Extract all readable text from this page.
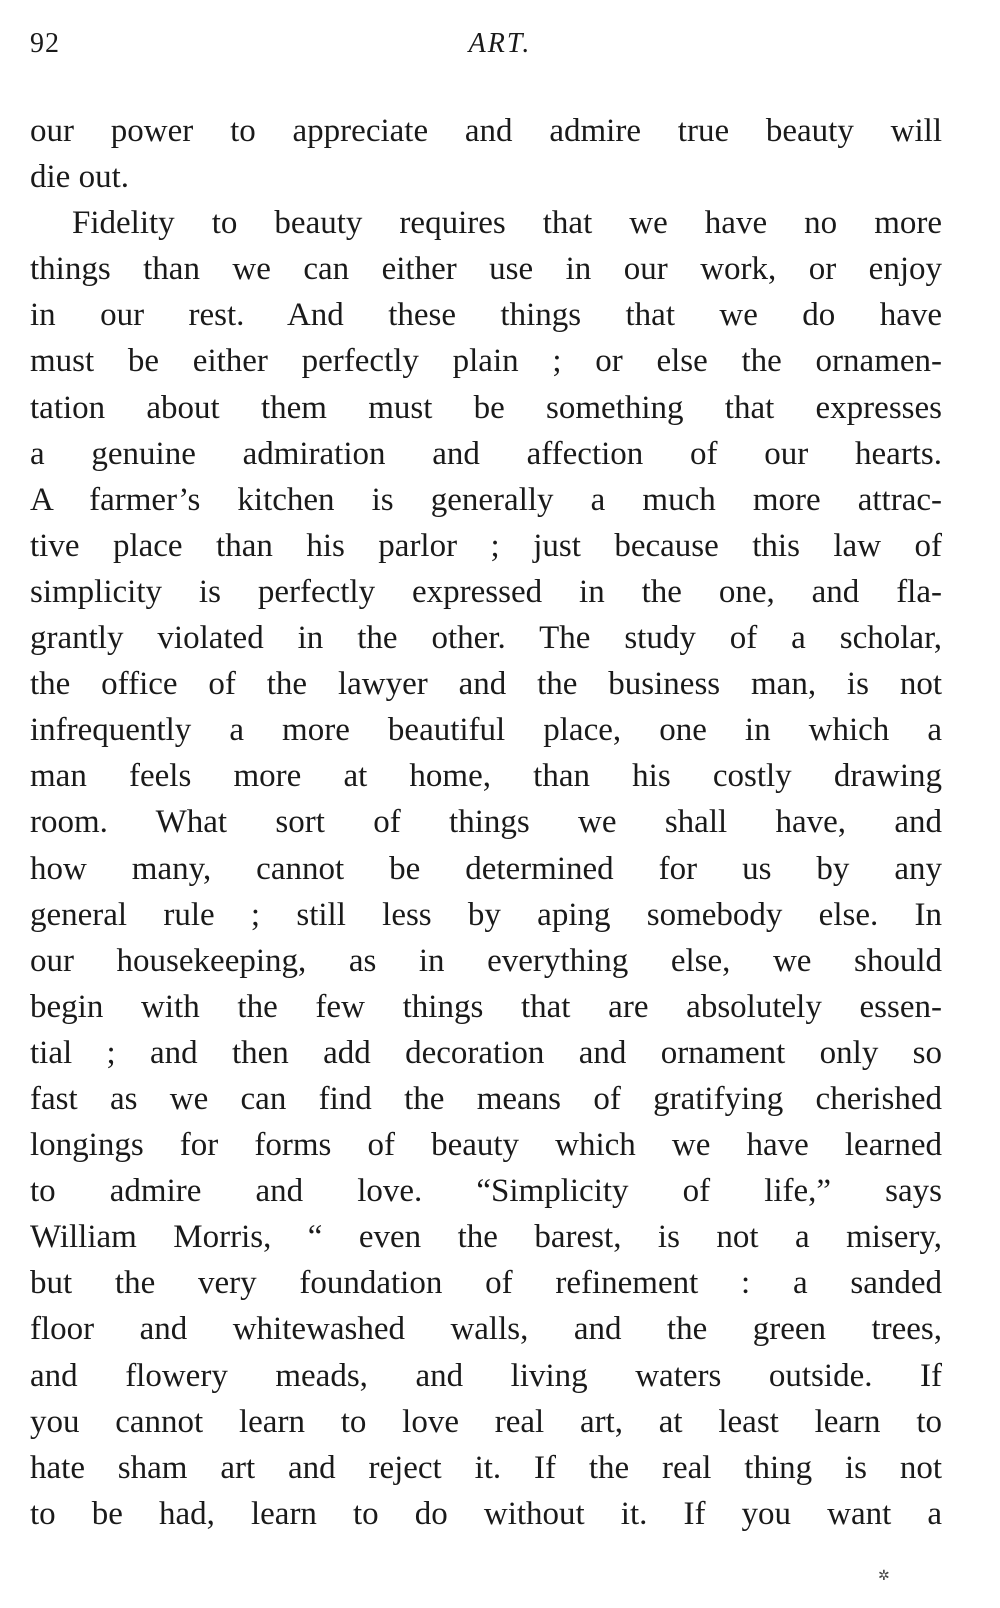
92	ART.
our power to appreciate and admire true beauty will
die out.
Fidelity to beauty requires that we have no more
things than we can either use in our work, or enjoy
in our rest. And these things that we do have
must be either perfectly plain ; or else the ornamen-
tation about them must be something that expresses
a genuine admiration and affection of our hearts.
A farmer’s kitchen is generally a much more attrac-
tive place than his parlor ; just because this law of
simplicity is perfectly expressed in the one, and fla-
grantly violated in the other. The study of a scholar,
the office of the lawyer and the business man, is not
infrequently a more beautiful place, one in which a
man feels more at home, than his costly drawing
room. What sort of things we shall have, and
how many, cannot be determined for us by any
general rule ; still less by aping somebody else. In
our housekeeping, as in everything else, we should
begin with the few things that are absolutely essen-
tial ; and then add decoration and ornament only so
fast as we can find the means of gratifying cherished
longings for forms of beauty which we have learned
to admire and love. “Simplicity of life,” says
William Morris, “ even the barest, is not a misery,
but the very foundation of refinement : a sanded
floor and whitewashed walls, and the green trees,
and flowery meads, and living waters outside. If
you cannot learn to love real art, at least learn to
hate sham art and reject it. If the real thing is not
to be had, learn to do without it. If you want a
✲
